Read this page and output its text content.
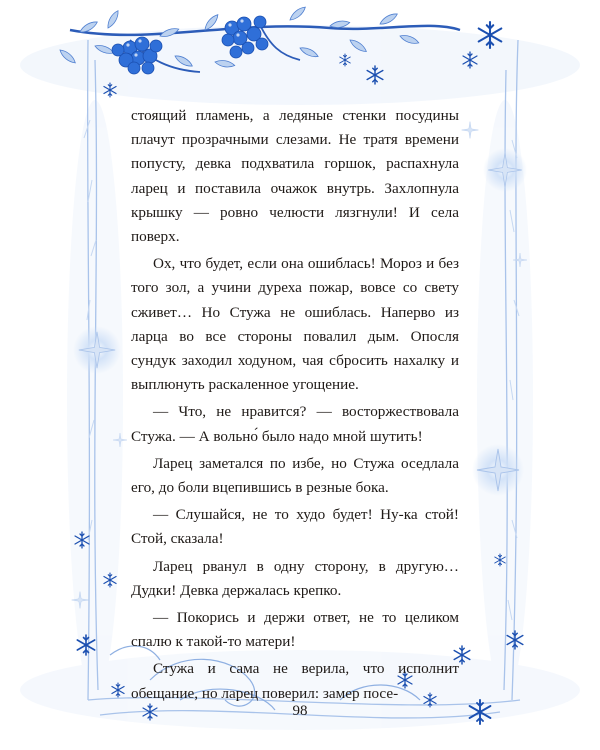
стоящий пламень, а ледяные стенки посудины плачут прозрачными слезами. Не тратя времени попусту, девка подхватила горшок, распахнула ларец и поставила очажок внутрь. Захлопнула крышку — ровно челюсти лязгнули! И села поверх.

Ох, что будет, если она ошиблась! Мороз и без того зол, а учини дуреха пожар, вовсе со свету сживет… Но Стужа не ошиблась. Наперво из ларца во все стороны повалил дым. Опосля сундук заходил ходуном, чая сбросить нахалку и выплюнуть раскаленное угощение.

— Что, не нравится? — восторжествовала Стужа. — А вольно́ было надо мной шутить!

Ларец заметался по избе, но Стужа оседлала его, до боли вцепившись в резные бока.

— Слушайся, не то худо будет! Ну-ка стой! Стой, сказала!

Ларец рванул в одну сторону, в другую… Дудки! Девка держалась крепко.

— Покорись и держи ответ, не то целиком спалю к такой-то матери!

Стужа и сама не верила, что исполнит обещание, но ларец поверил: замер посе-

98
